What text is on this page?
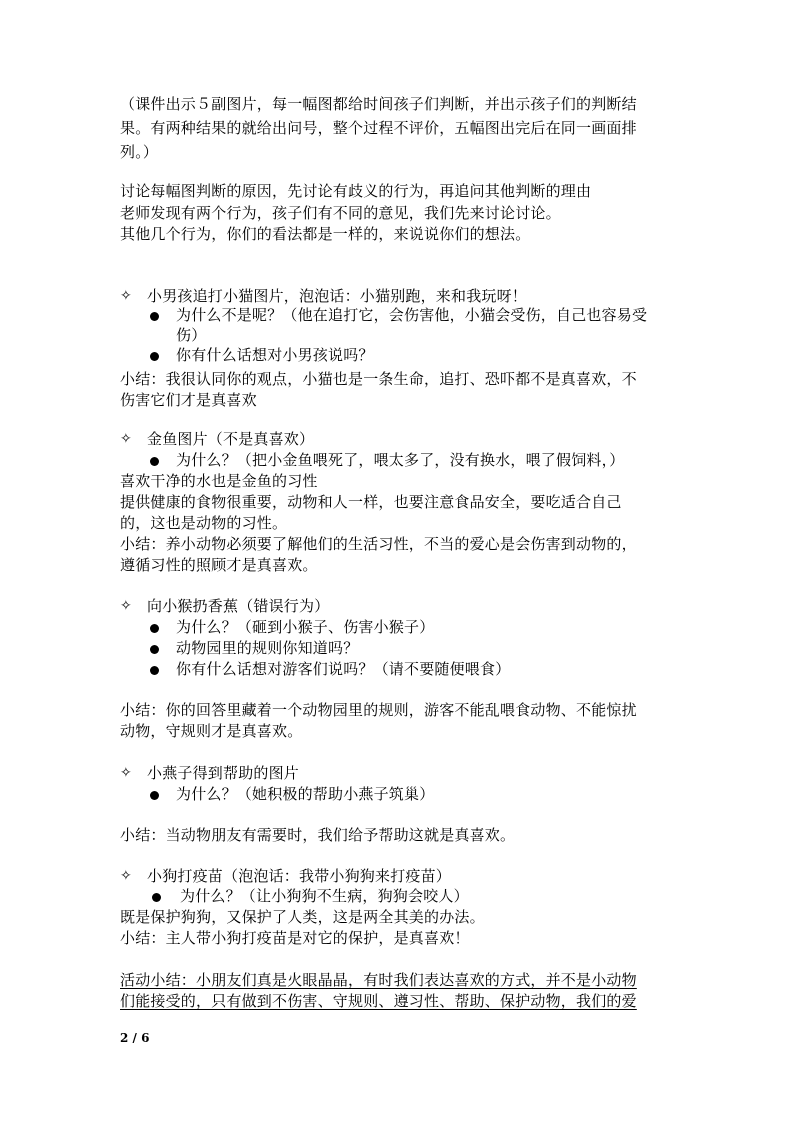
（课件出示５副图片，每一幅图都给时间孩子们判断，并出示孩子们的判断结
果。有两种结果的就给出问号，整个过程不评价，五幅图出完后在同一画面排
列。）
讨论每幅图判断的原因，先讨论有歧义的行为，再追问其他判断的理由
老师发现有两个行为，孩子们有不同的意见，我们先来讨论讨论。
其他几个行为，你们的看法都是一样的，来说说你们的想法。
✧ 小男孩追打小猫图片，泡泡话：小猫别跑，来和我玩呀！
为什么不是呢？（他在追打它，会伤害他，小猫会受伤，自己也容易受
伤）
你有什么话想对小男孩说吗？
小结：我很认同你的观点，小猫也是一条生命，追打、恐吓都不是真喜欢，不
伤害它们才是真喜欢
✧ 金鱼图片（不是真喜欢）
为什么？（把小金鱼喂死了，喂太多了，没有换水，喂了假饲料，）
喜欢干净的水也是金鱼的习性
提供健康的食物很重要，动物和人一样，也要注意食品安全，要吃适合自己
的，这也是动物的习性。
小结：养小动物必须要了解他们的生活习性，不当的爱心是会伤害到动物的，
遵循习性的照顾才是真喜欢。
✧ 向小猴扔香蕉（错误行为）
为什么？（砸到小猴子、伤害小猴子）
动物园里的规则你知道吗？
你有什么话想对游客们说吗？（请不要随便喂食）
小结：你的回答里藏着一个动物园里的规则，游客不能乱喂食动物、不能惊扰
动物，守规则才是真喜欢。
✧ 小燕子得到帮助的图片
为什么？（她积极的帮助小燕子筑巢）
小结：当动物朋友有需要时，我们给予帮助这就是真喜欢。
✧ 小狗打疫苗（泡泡话：我带小狗狗来打疫苗）
为什么？（让小狗狗不生病，狗狗会咬人）
既是保护狗狗，又保护了人类，这是两全其美的办法。
小结：主人带小狗打疫苗是对它的保护，是真喜欢！
活动小结：小朋友们真是火眼晶晶，有时我们表达喜欢的方式，并不是小动物
们能接受的，只有做到不伤害、守规则、遵习性、帮助、保护动物，我们的爱
2 / 6
